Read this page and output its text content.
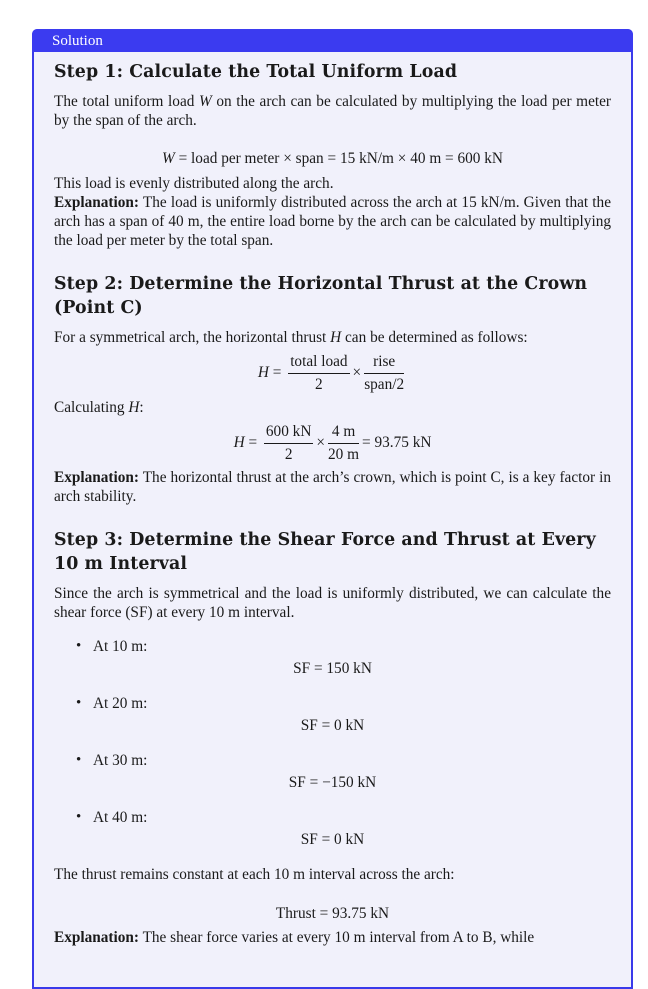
Solution
Step 1: Calculate the Total Uniform Load

The total uniform load W on the arch can be calculated by multiplying the load per meter by the span of the arch.

W = load per meter × span = 15 kN/m × 40 m = 600 kN

This load is evenly distributed along the arch.

Explanation: The load is uniformly distributed across the arch at 15 kN/m. Given that the arch has a span of 40 m, the entire load borne by the arch can be calculated by multiplying the load per meter by the total span.

Step 2: Determine the Horizontal Thrust at the Crown (Point C)

For a symmetrical arch, the horizontal thrust H can be determined as follows:

$H = \frac{\text{total load}}{2} \times \frac{\text{rise}}{\text{span/2}}$

Calculating H:

$H = \frac{600 kN}{2} \times \frac{4 m}{20 m} = 93.75$ kN

Explanation: The horizontal thrust at the arch’s crown, which is point C, is a key factor in arch stability.

Step 3: Determine the Shear Force and Thrust at Every 10 m Interval

Since the arch is symmetrical and the load is uniformly distributed, we can calculate the shear force (SF) at every 10 m interval.

• At 10 m:
SF = 150 kN
• At 20 m:
SF = 0 kN
• At 30 m:
SF = −150 kN
• At 40 m:
SF = 0 kN

The thrust remains constant at each 10 m interval across the arch:

Thrust = 93.75 kN

Explanation: The shear force varies at every 10 m interval from A to B, while
